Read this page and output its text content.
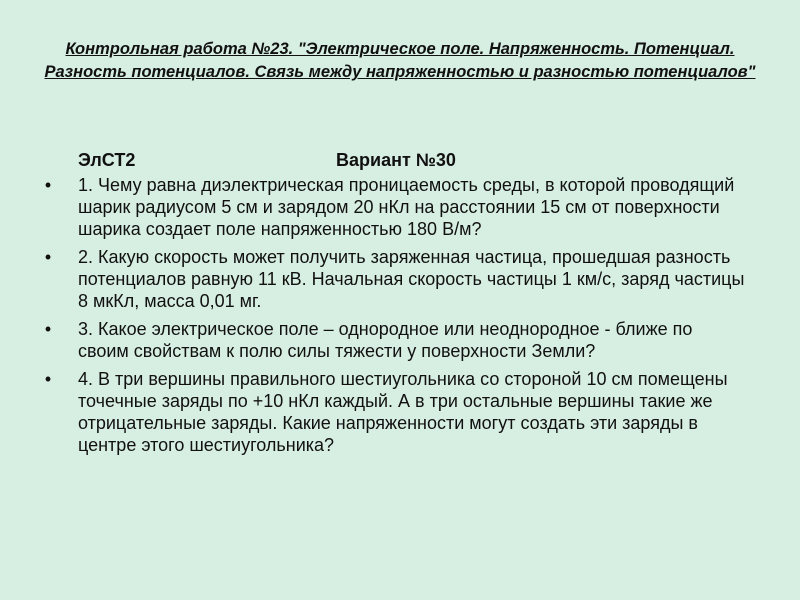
Контрольная работа №23. "Электрическое поле. Напряженность. Потенциал. Разность потенциалов. Связь между напряженностью и разностью потенциалов"
ЭлСТ2	Вариант №30
•	1. Чему равна диэлектрическая проницаемость среды, в которой проводящий шарик радиусом 5 см и зарядом 20 нКл на расстоянии 15 см от поверхности шарика создает поле напряженностью 180 В/м?
•	2. Какую скорость может получить заряженная частица, прошедшая разность потенциалов равную 11 кВ. Начальная скорость частицы 1 км/с, заряд частицы 8 мкКл, масса 0,01 мг.
•	3. Какое электрическое поле – однородное или неоднородное - ближе по своим свойствам к полю силы тяжести у поверхности Земли?
•	4. В три вершины правильного шестиугольника со стороной 10 см помещены точечные заряды по +10 нКл каждый. А в три остальные вершины такие же отрицательные заряды. Какие напряженности могут создать эти заряды в центре этого шестиугольника?
